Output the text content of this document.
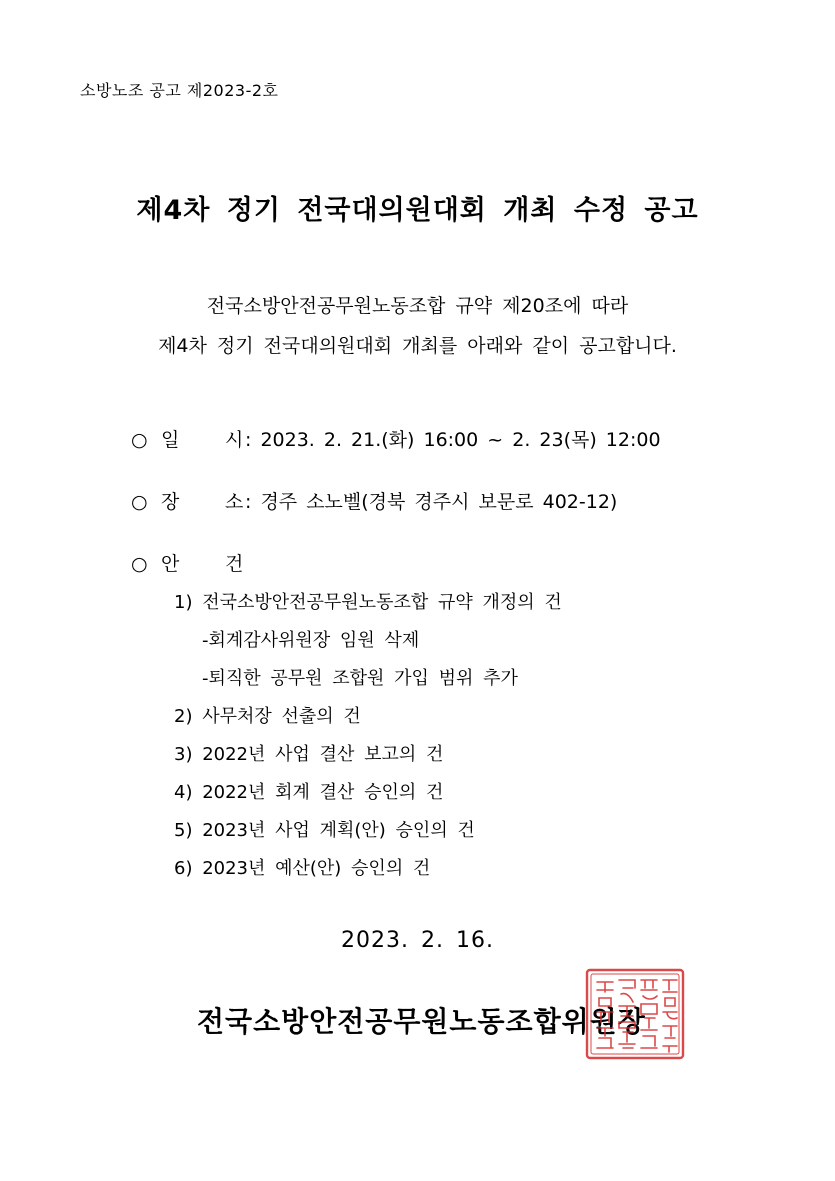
소방노조 공고 제2023-2호
제4차 정기 전국대의원대회 개최 수정 공고
전국소방안전공무원노동조합 규약 제20조에 따라
제4차 정기 전국대의원대회 개최를 아래와 같이 공고합니다.
○ 일 시: 2023. 2. 21.(화) 16:00 ~ 2. 23(목) 12:00
○ 장 소: 경주 소노벨(경북 경주시 보문로 402-12)
○ 안 건
1) 전국소방안전공무원노동조합 규약 개정의 건
-회계감사위원장 임원 삭제
-퇴직한 공무원 조합원 가입 범위 추가
2) 사무처장 선출의 건
3) 2022년 사업 결산 보고의 건
4) 2022년 회계 결산 승인의 건
5) 2023년 사업 계획(안) 승인의 건
6) 2023년 예산(안) 승인의 건
2023. 2. 16.
전국소방안전공무원노동조합위원장
